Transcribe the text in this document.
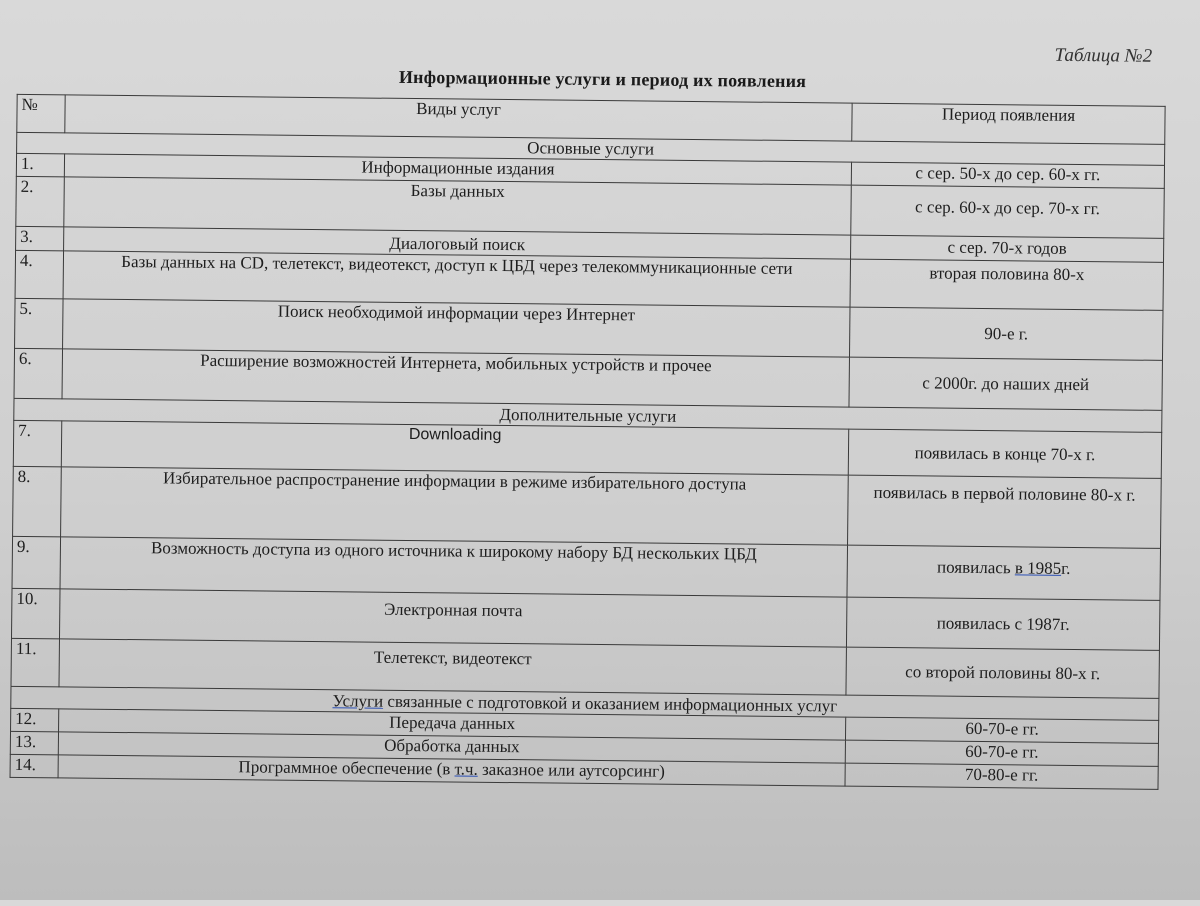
Таблица №2
Информационные услуги и период их появления
№	Виды услуг	Период появления
Основные услуги		
1.	Информационные издания	с сер. 50-х до сер. 60-х гг.
2.	Базы данных	с сер. 60-х до сер. 70-х гг.
3.	Диалоговый поиск	с сер. 70-х годов
4.	Базы данных на CD, телетекст, видеотекст, доступ к ЦБД через телекоммуникационные сети	вторая половина 80-х
5.	Поиск необходимой информации через Интернет	90-е г.
6.	Расширение возможностей Интернета, мобильных устройств и прочее	с 2000г. до наших дней
Дополнительные услуги		
7.	Downloading	появилась в конце 70-х г.
8.	Избирательное распространение информации в режиме избирательного доступа	появилась в первой половине 80-х г.
9.	Возможность доступа из одного источника к широкому набору БД нескольких ЦБД	появилась в 1985г.
10.	Электронная почта	появилась с 1987г.
11.	Телетекст, видеотекст	со второй половины 80-х г.
Услуги связанные с подготовкой и оказанием информационных услуг		
12.	Передача данных	60-70-е гг.
13.	Обработка данных	60-70-е гг.
14.	Программное обеспечение (в т.ч. заказное или аутсорсинг)	70-80-е гг.
